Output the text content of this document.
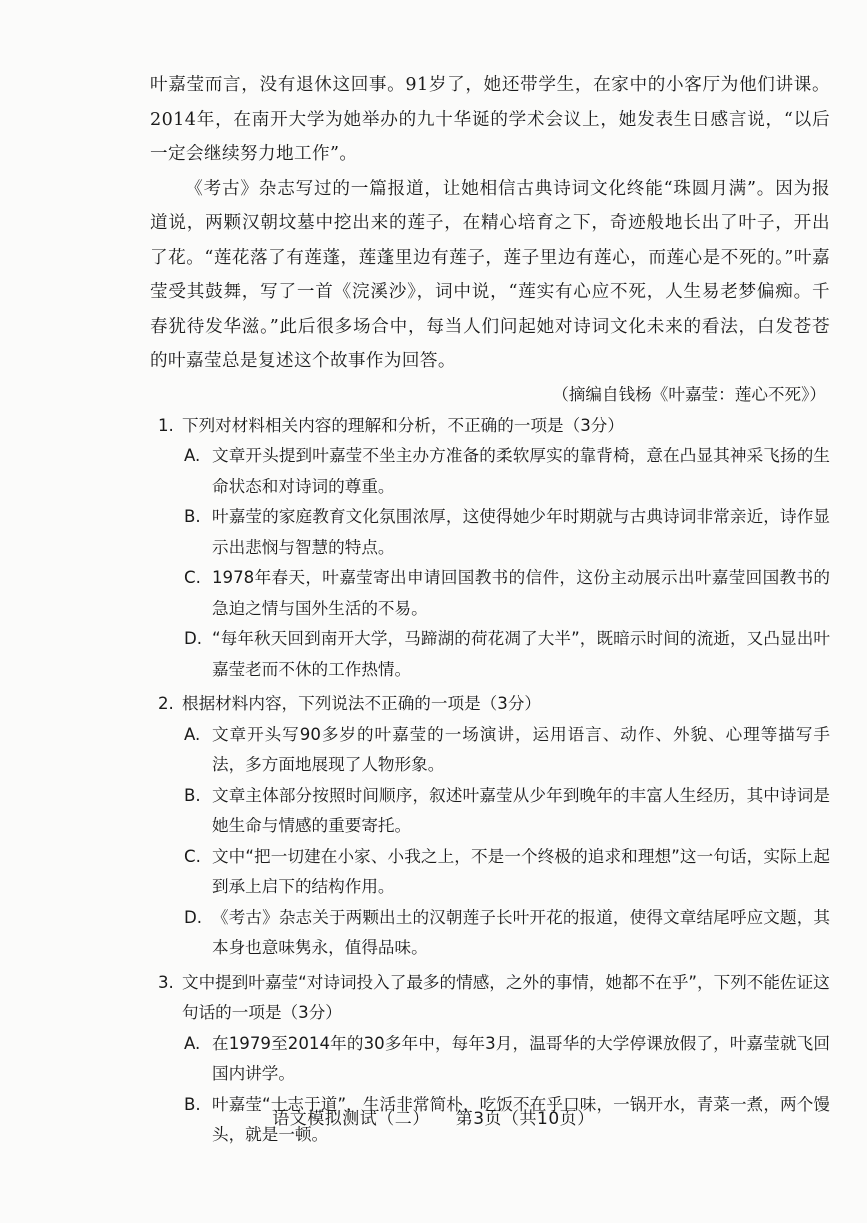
叶嘉莹而言，没有退休这回事。91岁了，她还带学生，在家中的小客厅为他们讲课。2014年，在南开大学为她举办的九十华诞的学术会议上，她发表生日感言说，“以后一定会继续努力地工作”。

《考古》杂志写过的一篇报道，让她相信古典诗词文化终能“珠圆月满”。因为报道说，两颗汉朝坟墓中挖出来的莲子，在精心培育之下，奇迹般地长出了叶子，开出了花。“莲花落了有莲蓬，莲蓬里边有莲子，莲子里边有莲心，而莲心是不死的。”叶嘉莹受其鼓舞，写了一首《浣溪沙》，词中说，“莲实有心应不死，人生易老梦偏痴。千春犹待发华滋。”此后很多场合中，每当人们问起她对诗词文化未来的看法，白发苍苍的叶嘉莹总是复述这个故事作为回答。

（摘编自钱杨《叶嘉莹：莲心不死》）

1. 下列对材料相关内容的理解和分析，不正确的一项是（3分）
A. 文章开头提到叶嘉莹不坐主办方准备的柔软厚实的靠背椅，意在凸显其神采飞扬的生命状态和对诗词的尊重。
B. 叶嘉莹的家庭教育文化氛围浓厚，这使得她少年时期就与古典诗词非常亲近，诗作显示出悲悯与智慧的特点。
C. 1978年春天，叶嘉莹寄出申请回国教书的信件，这份主动展示出叶嘉莹回国教书的急迫之情与国外生活的不易。
D. “每年秋天回到南开大学，马蹄湖的荷花凋了大半”，既暗示时间的流逝，又凸显出叶嘉莹老而不休的工作热情。
2. 根据材料内容，下列说法不正确的一项是（3分）
A. 文章开头写90多岁的叶嘉莹的一场演讲，运用语言、动作、外貌、心理等描写手法，多方面地展现了人物形象。
B. 文章主体部分按照时间顺序，叙述叶嘉莹从少年到晚年的丰富人生经历，其中诗词是她生命与情感的重要寄托。
C. 文中“把一切建在小家、小我之上，不是一个终极的追求和理想”这一句话，实际上起到承上启下的结构作用。
D. 《考古》杂志关于两颗出土的汉朝莲子长叶开花的报道，使得文章结尾呼应文题，其本身也意味隽永，值得品味。
3. 文中提到叶嘉莹“对诗词投入了最多的情感，之外的事情，她都不在乎”，下列不能佐证这句话的一项是（3分）
A. 在1979至2014年的30多年中，每年3月，温哥华的大学停课放假了，叶嘉莹就飞回国内讲学。
B. 叶嘉莹“士志于道”，生活非常简朴，吃饭不在乎口味，一锅开水，青菜一煮，两个馒头，就是一顿。
语文模拟测试（二） 第3页（共10页）
